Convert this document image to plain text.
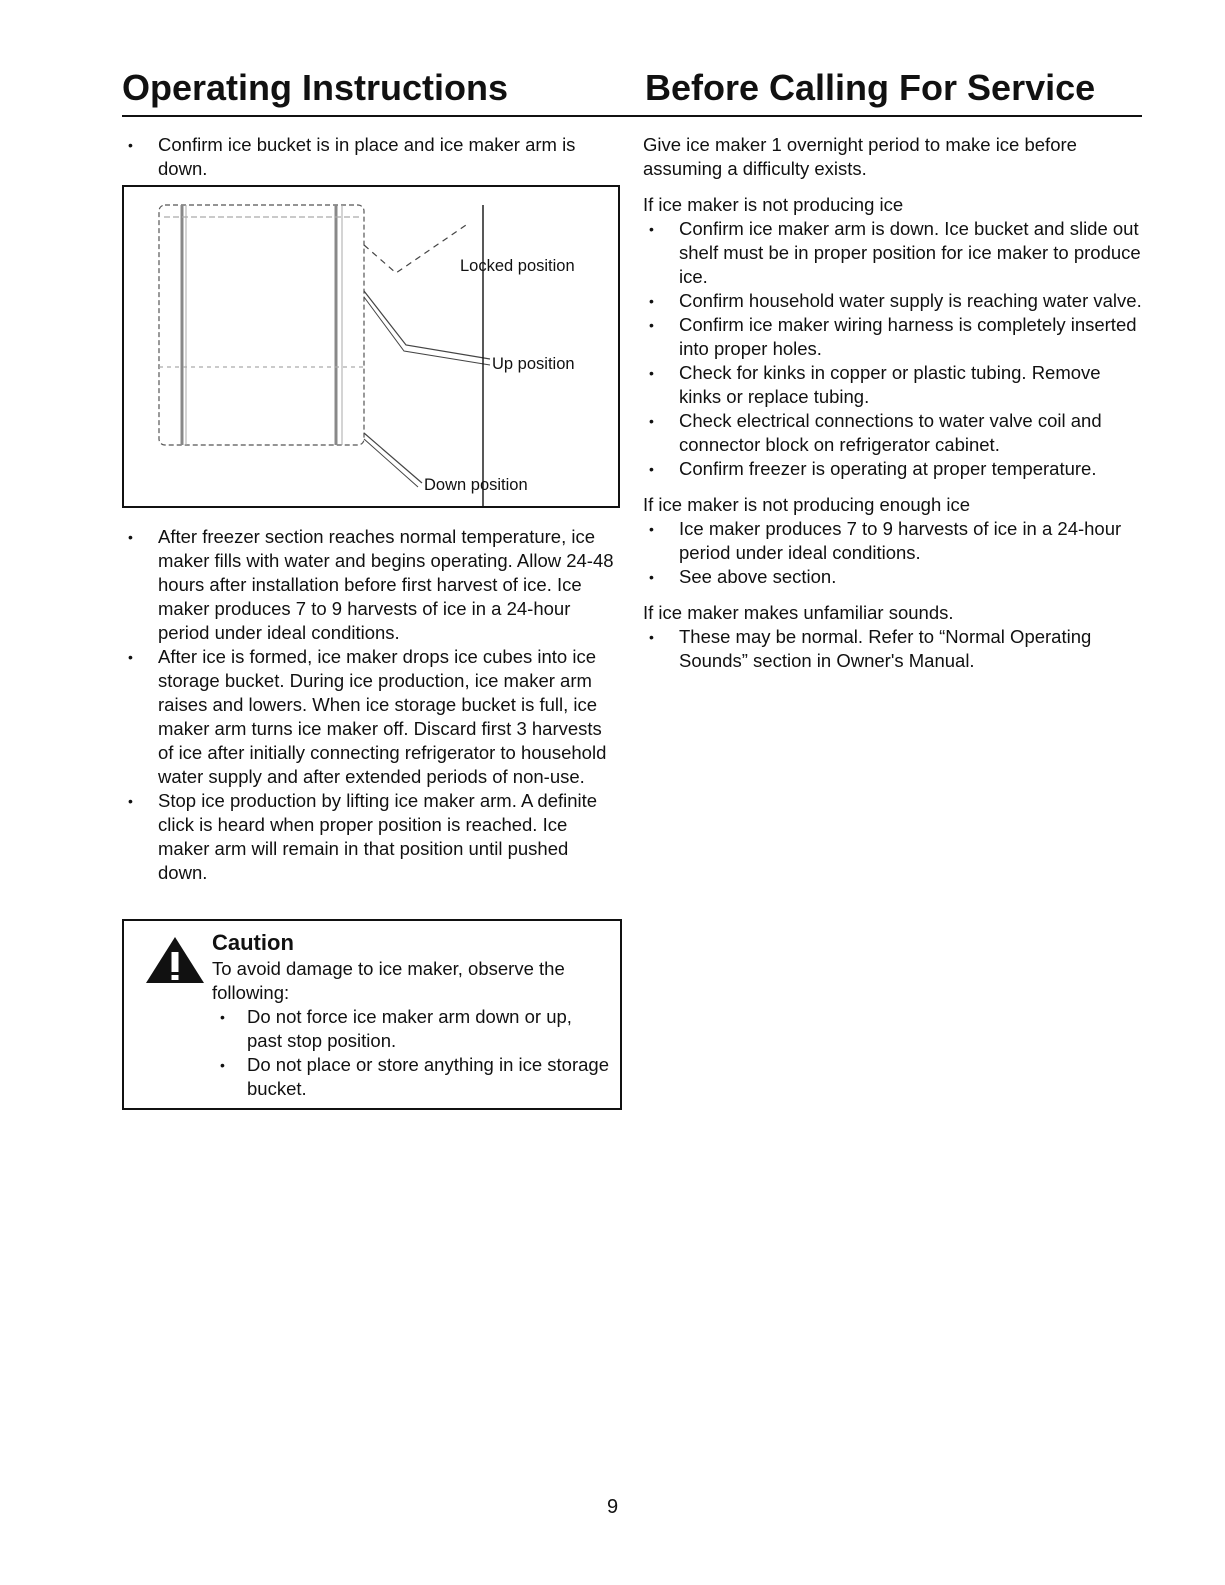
Operating Instructions	Before Calling For Service
• Confirm ice bucket is in place and ice maker arm is down.
Locked position
Up position
Down position
• After freezer section reaches normal temperature, ice maker fills with water and begins operating. Allow 24-48 hours after installation before first harvest of ice. Ice maker produces 7 to 9 harvests of ice in a 24-hour period under ideal conditions.
• After ice is formed, ice maker drops ice cubes into ice storage bucket. During ice production, ice maker arm raises and lowers. When ice storage bucket is full, ice maker arm turns ice maker off. Discard first 3 harvests of ice after initially connecting refrigerator to household water supply and after extended periods of non-use.
• Stop ice production by lifting ice maker arm. A definite click is heard when proper position is reached. Ice maker arm will remain in that position until pushed down.
Caution
To avoid damage to ice maker, observe the following:
• Do not force ice maker arm down or up, past stop position.
• Do not place or store anything in ice storage bucket.

Give ice maker 1 overnight period to make ice before assuming a difficulty exists.

If ice maker is not producing ice

• Confirm ice maker arm is down. Ice bucket and slide out shelf must be in proper position for ice maker to produce ice.
• Confirm household water supply is reaching water valve.
• Confirm ice maker wiring harness is completely inserted into proper holes.
• Check for kinks in copper or plastic tubing. Remove kinks or replace tubing.
• Check electrical connections to water valve coil and connector block on refrigerator cabinet.
• Confirm freezer is operating at proper temperature.

If ice maker is not producing enough ice

• Ice maker produces 7 to 9 harvests of ice in a 24-hour period under ideal conditions.
• See above section.

If ice maker makes unfamiliar sounds.

• These may be normal. Refer to “Normal Operating Sounds” section in Owner's Manual.
9
